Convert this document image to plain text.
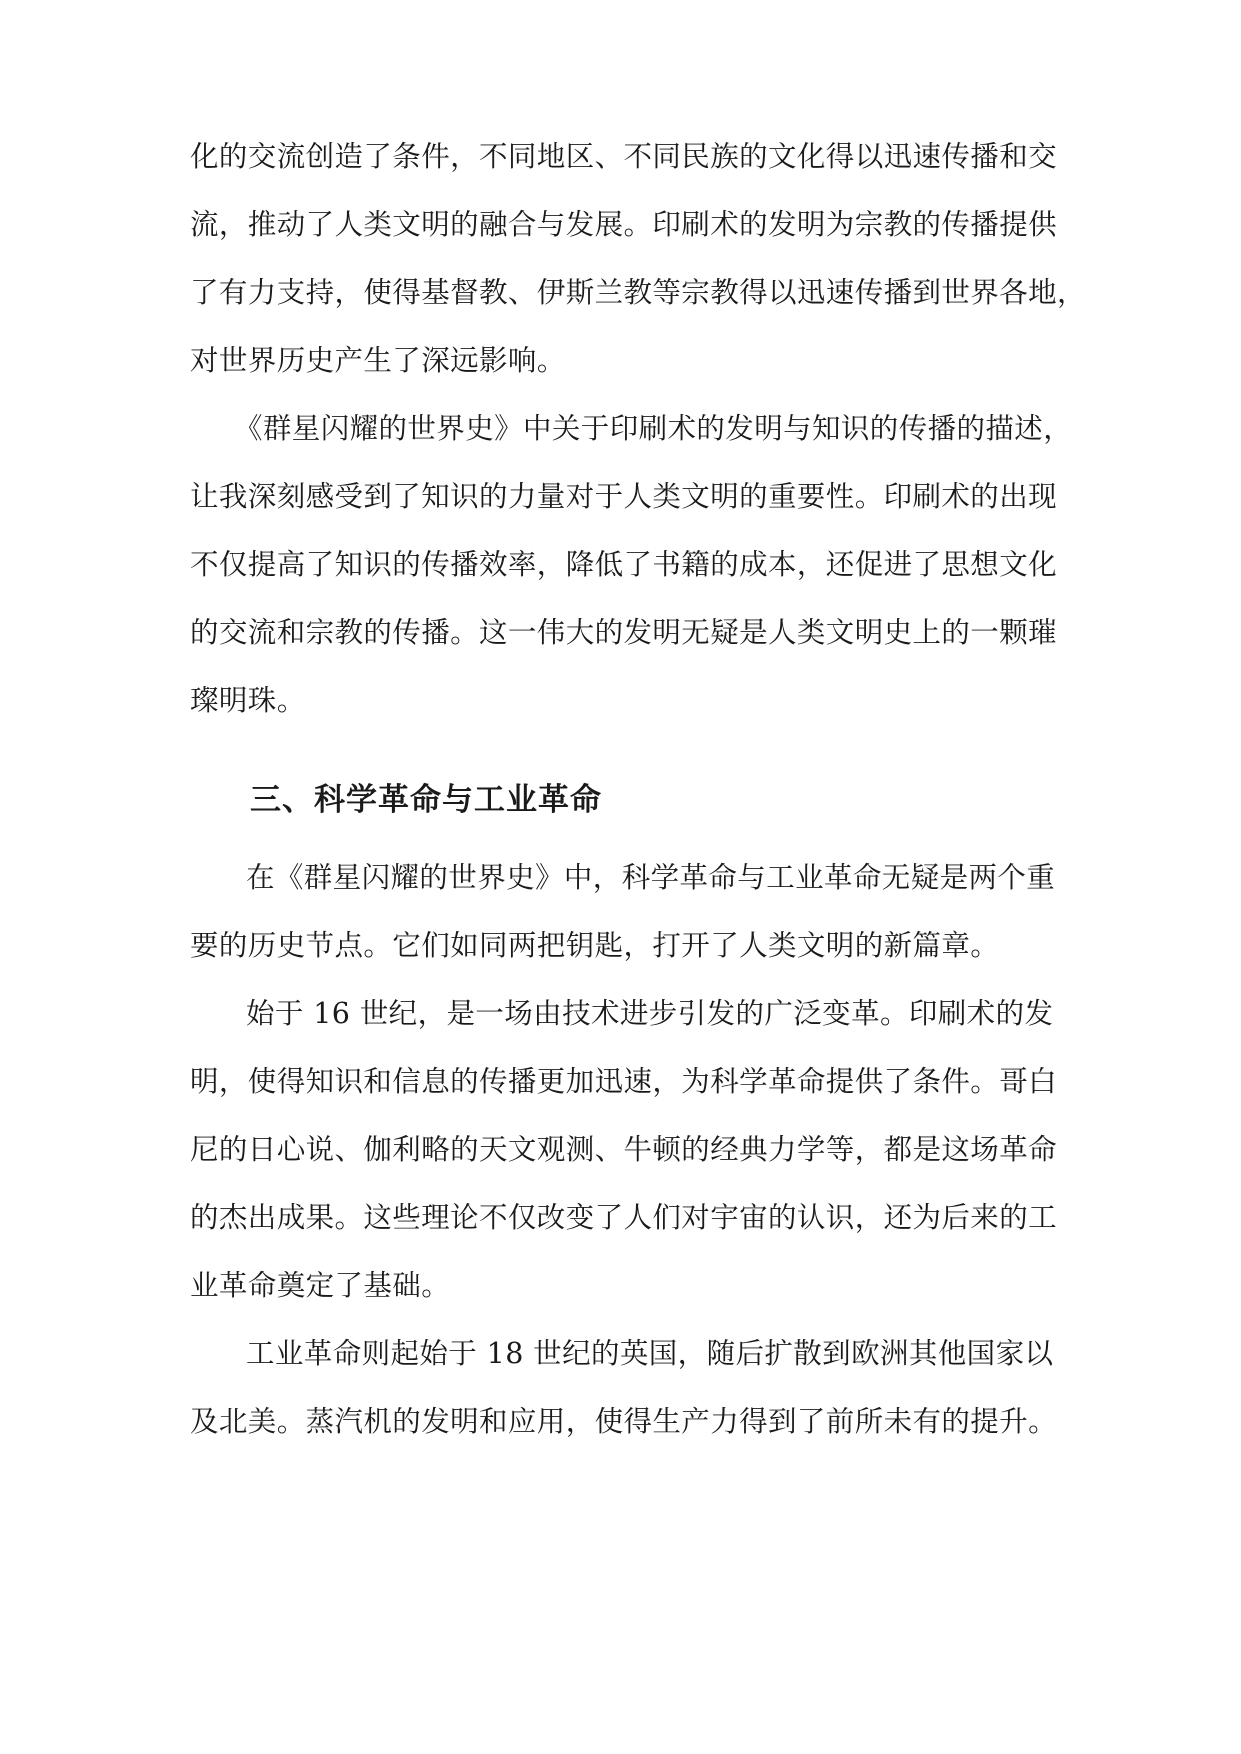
化的交流创造了条件，不同地区、不同民族的文化得以迅速传播和交
流，推动了人类文明的融合与发展。印刷术的发明为宗教的传播提供
了有力支持，使得基督教、伊斯兰教等宗教得以迅速传播到世界各地，
对世界历史产生了深远影响。
《群星闪耀的世界史》中关于印刷术的发明与知识的传播的描述，
让我深刻感受到了知识的力量对于人类文明的重要性。印刷术的出现
不仅提高了知识的传播效率，降低了书籍的成本，还促进了思想文化
的交流和宗教的传播。这一伟大的发明无疑是人类文明史上的一颗璀
璨明珠。
三、科学革命与工业革命
在《群星闪耀的世界史》中，科学革命与工业革命无疑是两个重
要的历史节点。它们如同两把钥匙，打开了人类文明的新篇章。
始于 16 世纪，是一场由技术进步引发的广泛变革。印刷术的发
明，使得知识和信息的传播更加迅速，为科学革命提供了条件。哥白
尼的日心说、伽利略的天文观测、牛顿的经典力学等，都是这场革命
的杰出成果。这些理论不仅改变了人们对宇宙的认识，还为后来的工
业革命奠定了基础。
工业革命则起始于 18 世纪的英国，随后扩散到欧洲其他国家以
及北美。蒸汽机的发明和应用，使得生产力得到了前所未有的提升。
